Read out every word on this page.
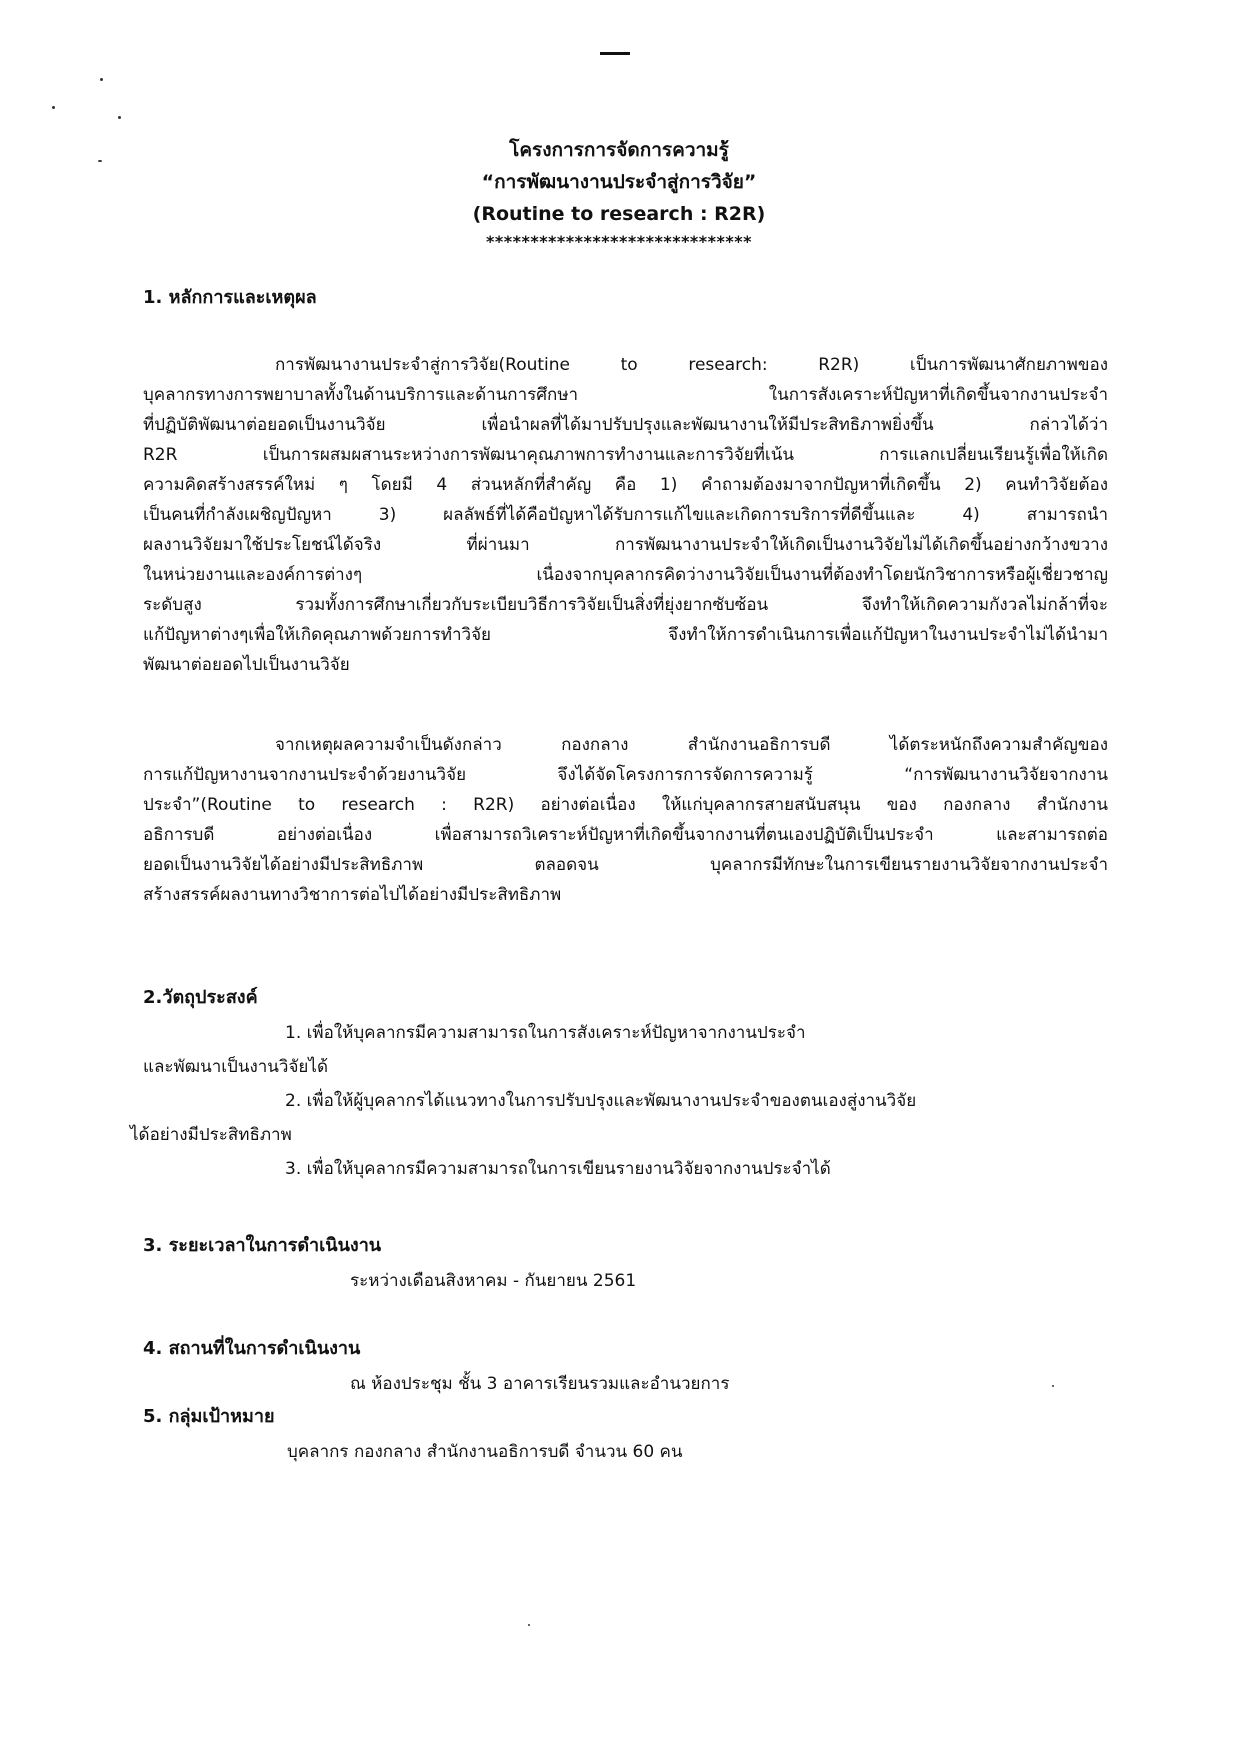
โครงการการจัดการความรู้
“การพัฒนางานประจำสู่การวิจัย”
(Routine to research : R2R)
******************************
1. หลักการและเหตุผล
การพัฒนางานประจำสู่การวิจัย(Routine to research: R2R) เป็นการพัฒนาศักยภาพของ
บุคลากรทางการพยาบาลทั้งในด้านบริการและด้านการศึกษา ในการสังเคราะห์ปัญหาที่เกิดขึ้นจากงานประจำ
ที่ปฏิบัติพัฒนาต่อยอดเป็นงานวิจัย เพื่อนำผลที่ได้มาปรับปรุงและพัฒนางานให้มีประสิทธิภาพยิ่งขึ้น กล่าวได้ว่า
R2R เป็นการผสมผสานระหว่างการพัฒนาคุณภาพการทำงานและการวิจัยที่เน้น การแลกเปลี่ยนเรียนรู้เพื่อให้เกิด
ความคิดสร้างสรรค์ใหม่ ๆ โดยมี 4 ส่วนหลักที่สำคัญ คือ 1) คำถามต้องมาจากปัญหาที่เกิดขึ้น 2) คนทำวิจัยต้อง
เป็นคนที่กำลังเผชิญปัญหา 3) ผลลัพธ์ที่ได้คือปัญหาได้รับการแก้ไขและเกิดการบริการที่ดีขึ้นและ 4) สามารถนำ
ผลงานวิจัยมาใช้ประโยชน์ได้จริง ที่ผ่านมา การพัฒนางานประจำให้เกิดเป็นงานวิจัยไม่ได้เกิดขึ้นอย่างกว้างขวาง
ในหน่วยงานและองค์การต่างๆ เนื่องจากบุคลากรคิดว่างานวิจัยเป็นงานที่ต้องทำโดยนักวิชาการหรือผู้เชี่ยวชาญ
ระดับสูง รวมทั้งการศึกษาเกี่ยวกับระเบียบวิธีการวิจัยเป็นสิ่งที่ยุ่งยากซับซ้อน จึงทำให้เกิดความกังวลไม่กล้าที่จะ
แก้ปัญหาต่างๆเพื่อให้เกิดคุณภาพด้วยการทำวิจัย จึงทำให้การดำเนินการเพื่อแก้ปัญหาในงานประจำไม่ได้นำมา
พัฒนาต่อยอดไปเป็นงานวิจัย
จากเหตุผลความจำเป็นดังกล่าว กองกลาง สำนักงานอธิการบดี ได้ตระหนักถึงความสำคัญของ
การแก้ปัญหางานจากงานประจำด้วยงานวิจัย จึงได้จัดโครงการการจัดการความรู้ “การพัฒนางานวิจัยจากงาน
ประจำ”(Routine to research : R2R) อย่างต่อเนื่อง ให้แก่บุคลากรสายสนับสนุน ของ กองกลาง สำนักงาน
อธิการบดี อย่างต่อเนื่อง เพื่อสามารถวิเคราะห์ปัญหาที่เกิดขึ้นจากงานที่ตนเองปฏิบัติเป็นประจำ และสามารถต่อ
ยอดเป็นงานวิจัยได้อย่างมีประสิทธิภาพ ตลอดจน บุคลากรมีทักษะในการเขียนรายงานวิจัยจากงานประจำ
สร้างสรรค์ผลงานทางวิชาการต่อไปได้อย่างมีประสิทธิภาพ
2.วัตถุประสงค์
1. เพื่อให้บุคลากรมีความสามารถในการสังเคราะห์ปัญหาจากงานประจำ
และพัฒนาเป็นงานวิจัยได้
2. เพื่อให้ผู้บุคลากรได้แนวทางในการปรับปรุงและพัฒนางานประจำของตนเองสู่งานวิจัย
ได้อย่างมีประสิทธิภาพ
3. เพื่อให้บุคลากรมีความสามารถในการเขียนรายงานวิจัยจากงานประจำได้
3. ระยะเวลาในการดำเนินงาน
ระหว่างเดือนสิงหาคม - กันยายน 2561
4. สถานที่ในการดำเนินงาน
ณ ห้องประชุม ชั้น 3 อาคารเรียนรวมและอำนวยการ
5. กลุ่มเป้าหมาย
บุคลากร กองกลาง สำนักงานอธิการบดี จำนวน 60 คน
